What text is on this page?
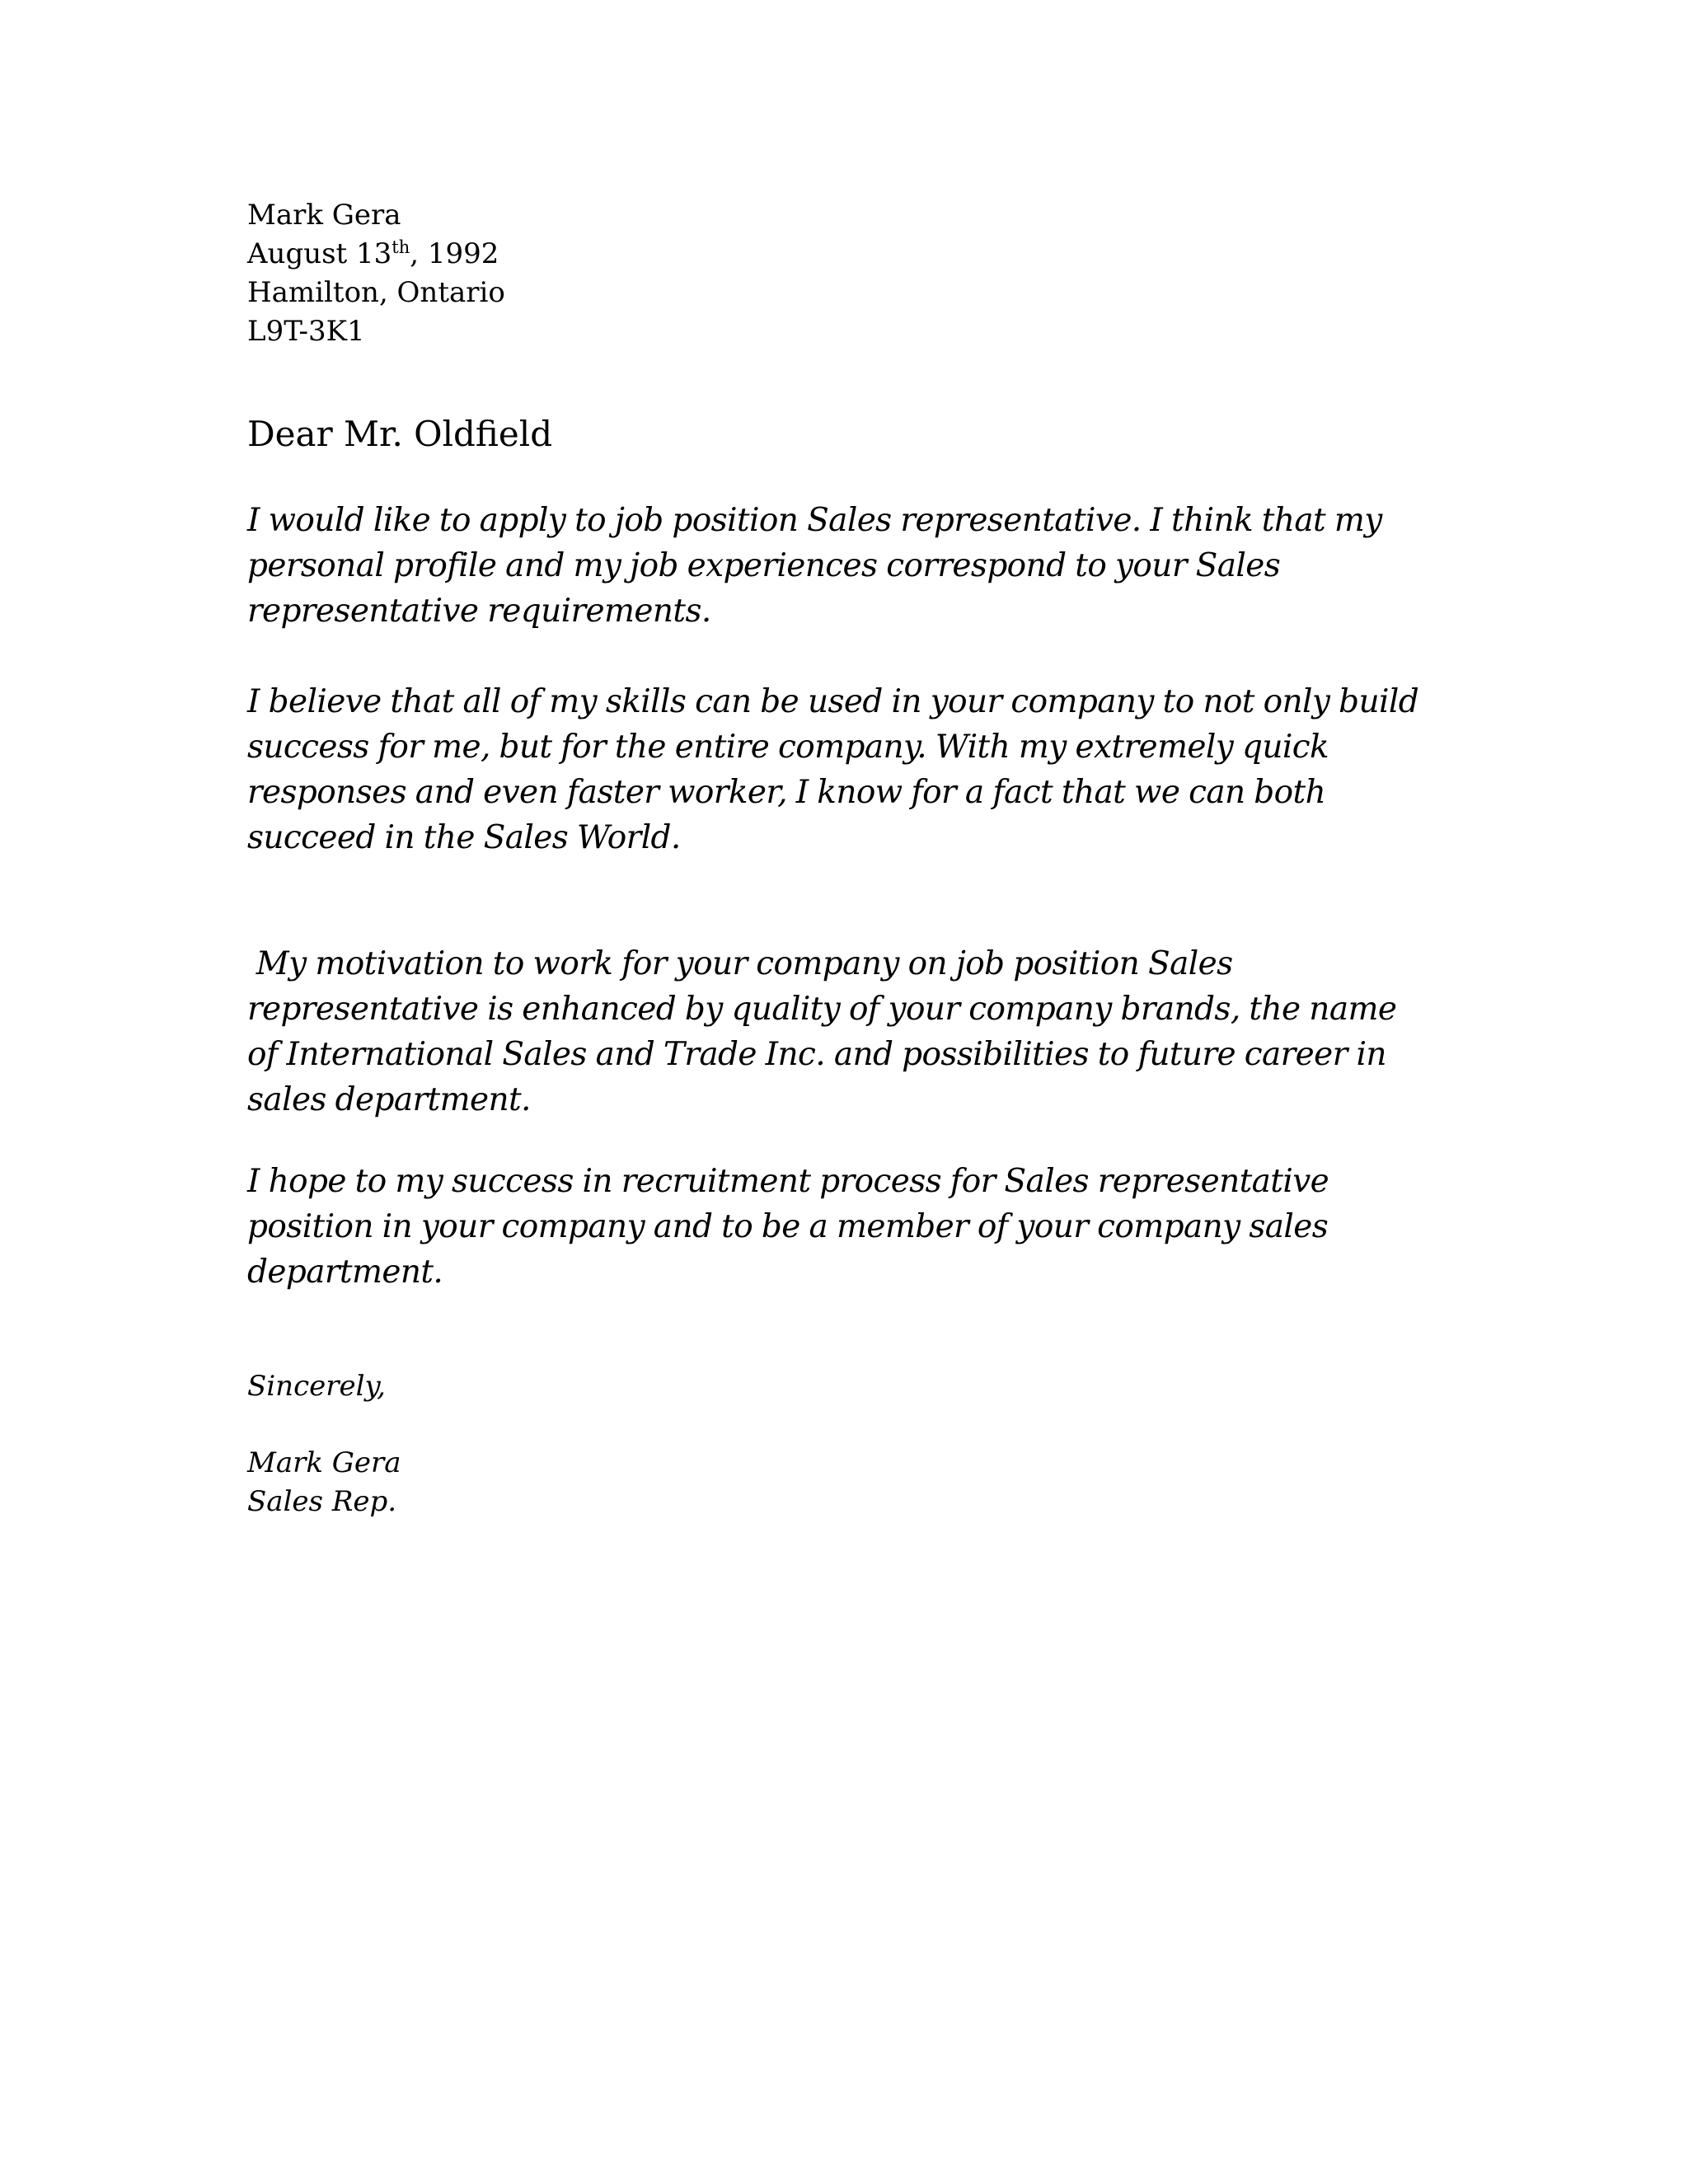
Mark Gera
August 13th, 1992
Hamilton, Ontario
L9T-3K1
Dear Mr. Oldfield

I would like to apply to job position Sales representative. I think that my
personal profile and my job experiences correspond to your Sales
representative requirements.

I believe that all of my skills can be used in your company to not only build
success for me, but for the entire company. With my extremely quick
responses and even faster worker, I know for a fact that we can both
succeed in the Sales World.

My motivation to work for your company on job position Sales
representative is enhanced by quality of your company brands, the name
of International Sales and Trade Inc. and possibilities to future career in
sales department.

I hope to my success in recruitment process for Sales representative
position in your company and to be a member of your company sales
department.

Sincerely,
Mark Gera
Sales Rep.
